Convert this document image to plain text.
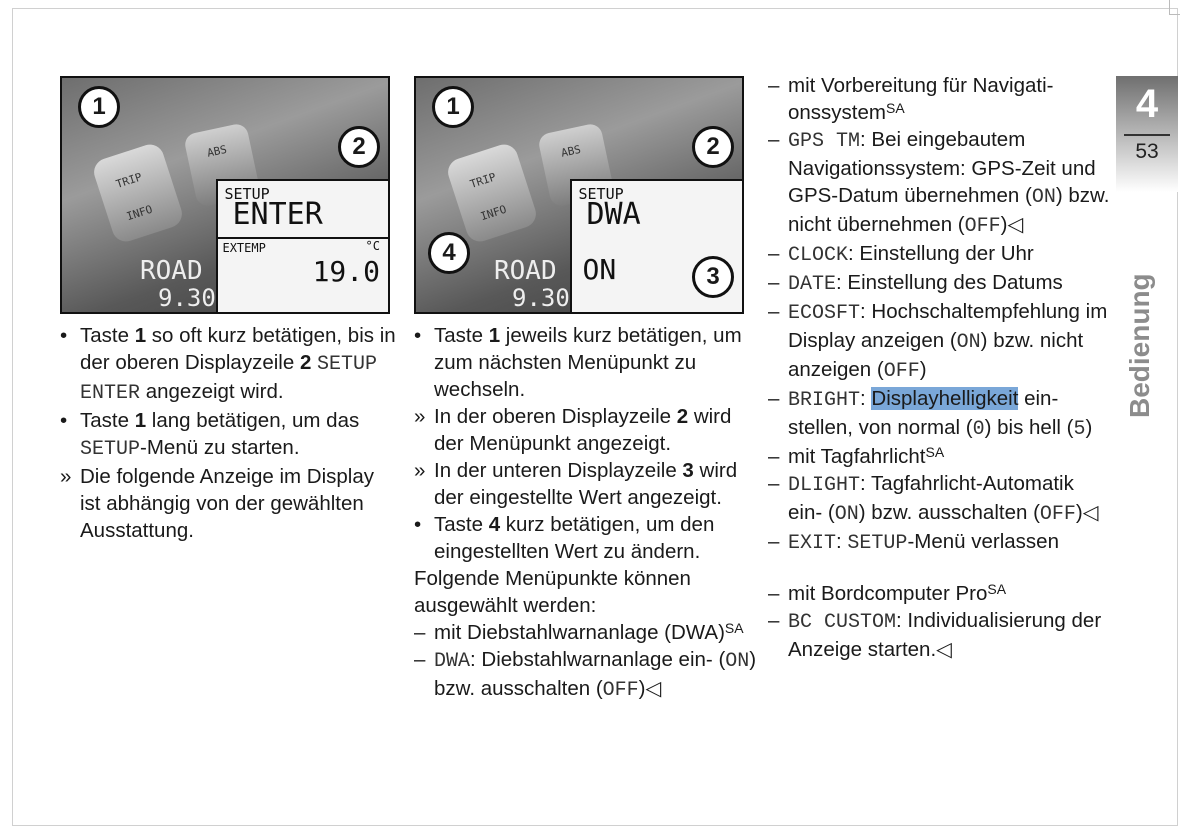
TRIP
INFO
ABS
ROAD
9.30
SETUP
ENTER
EXTEMP	°C
19.0
1
2
TRIP
INFO
ABS
ROAD
9.30
SETUP
DWA
ON
1
2
3
4
• Taste 1 so oft kurz betätigen, bis in der oberen Displayzeile 2 SETUP ENTER angezeigt wird.
• Taste 1 lang betätigen, um das SETUP-Menü zu starten.
» Die folgende Anzeige im Display ist abhängig von der gewählten Ausstattung.
• Taste 1 jeweils kurz betätigen, um zum nächsten Menüpunkt zu wechseln.
» In der oberen Displayzeile 2 wird der Menüpunkt angezeigt.
» In der unteren Displayzeile 3 wird der eingestellte Wert angezeigt.
• Taste 4 kurz betätigen, um den eingestellten Wert zu ändern.

Folgende Menüpunkte können ausgewählt werden:

– mit Diebstahlwarnanlage (DWA)$^{SA}$
– DWA: Diebstahlwarnanlage ein- (ON) bzw. ausschalten (OFF)◁
– mit Vorbereitung für Navigationssystem$^{SA}$
– GPS TM: Bei eingebautem Navigationssystem: GPS-Zeit und GPS-Datum übernehmen (ON) bzw. nicht übernehmen (OFF)◁
– CLOCK: Einstellung der Uhr
– DATE: Einstellung des Datums
– ECOSFT: Hochschaltempfehlung im Display anzeigen (ON) bzw. nicht anzeigen (OFF)
– BRIGHT: Displayhelligkeit einstellen, von normal (0) bis hell (5)
– mit Tagfahrlicht$^{SA}$
– DLIGHT: Tagfahrlicht-Automatik ein- (ON) bzw. ausschalten (OFF)◁
– EXIT: SETUP-Menü verlassen
– mit Bordcomputer Pro$^{SA}$
– BC CUSTOM: Individualisierung der Anzeige starten.◁
4
53
Bedienung
